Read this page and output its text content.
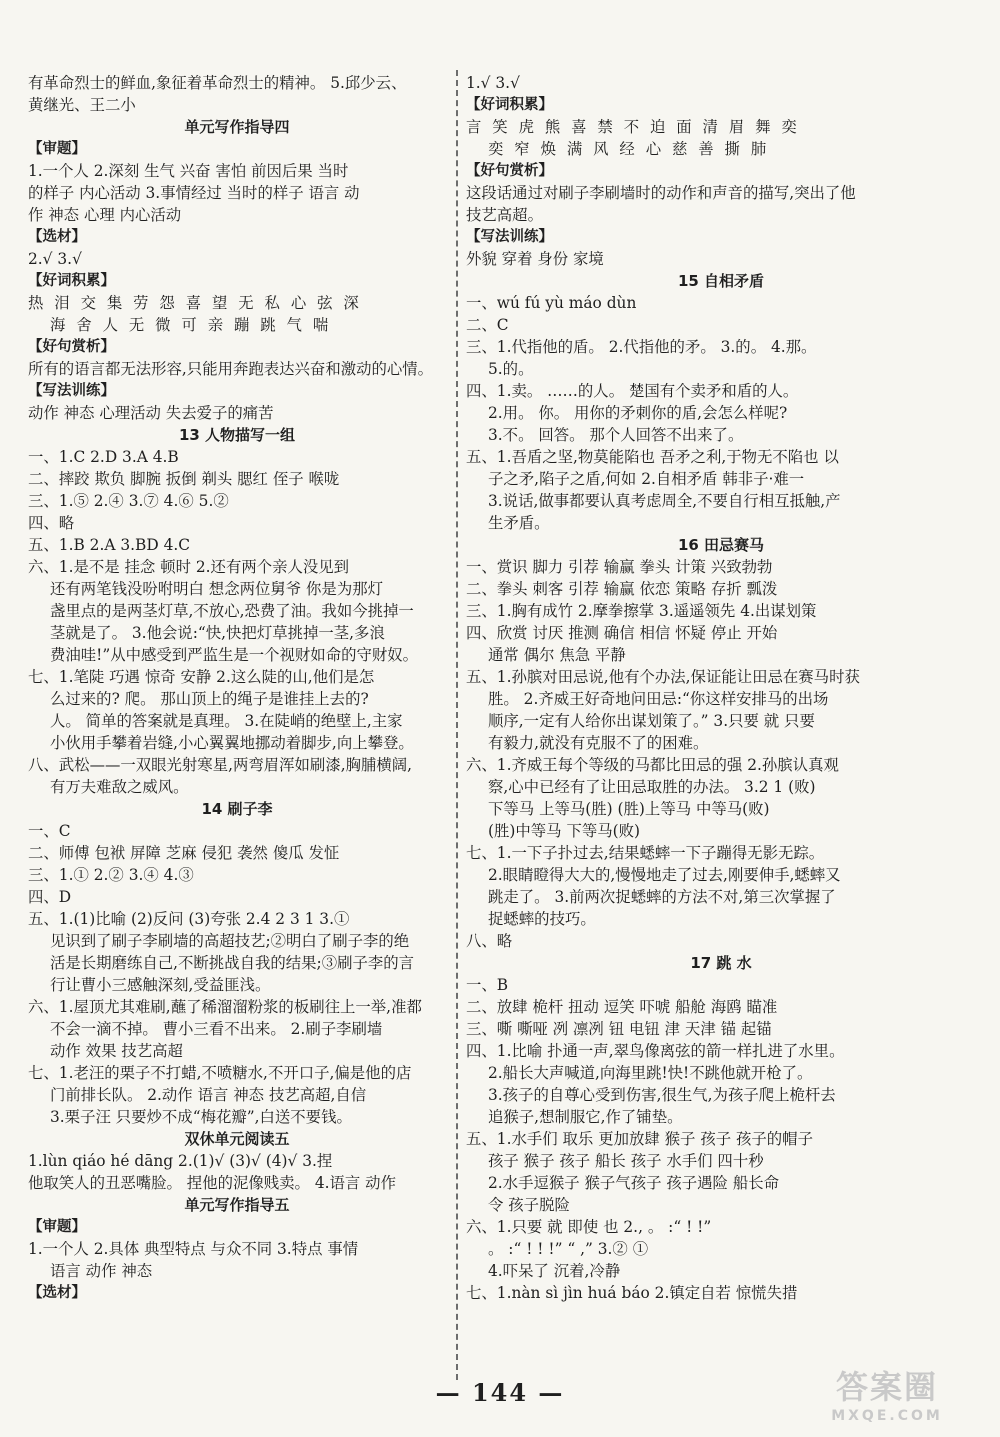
有革命烈士的鲜血,象征着革命烈士的精神。 5.邱少云、
黄继光、王二小
单元写作指导四
【审题】
1.一个人 2.深刻 生气 兴奋 害怕 前因后果 当时
的样子 内心活动 3.事情经过 当时的样子 语言 动
作 神态 心理 内心活动
【选材】
2.√ 3.√
【好词积累】
热 泪 交 集 劳 怨 喜 望 无 私 心 弦 深
海 舍 人 无 微 可 亲 蹦 跳 气 喘
【好句赏析】
所有的语言都无法形容,只能用奔跑表达兴奋和激动的心情。
【写法训练】
动作 神态 心理活动 失去爱子的痛苦
13 人物描写一组
一、1.C 2.D 3.A 4.B
二、摔跤 欺负 脚腕 扳倒 剃头 腮红 侄子 喉咙
三、1.⑤ 2.④ 3.⑦ 4.⑥ 5.②
四、略
五、1.B 2.A 3.BD 4.C
六、1.是不是 挂念 顿时 2.还有两个亲人没见到
还有两笔钱没吩咐明白 想念两位舅爷 你是为那灯
盏里点的是两茎灯草,不放心,恐费了油。我如今挑掉一
茎就是了。 3.他会说:“快,快把灯草挑掉一茎,多浪
费油哇!”从中感受到严监生是一个视财如命的守财奴。
七、1.笔陡 巧遇 惊奇 安静 2.这么陡的山,他们是怎
么过来的? 爬。 那山顶上的绳子是谁挂上去的?
人。 简单的答案就是真理。 3.在陡峭的绝壁上,主家
小伙用手攀着岩缝,小心翼翼地挪动着脚步,向上攀登。
八、武松——一双眼光射寒星,两弯眉浑如刷漆,胸脯横阔,
有万夫难敌之威风。
14 刷子李
一、C
二、师傅 包袱 屏障 芝麻 侵犯 袭然 傻瓜 发怔
三、1.① 2.② 3.④ 4.③
四、D
五、1.(1)比喻 (2)反问 (3)夸张 2.4 2 3 1 3.①
见识到了刷子李刷墙的高超技艺;②明白了刷子李的绝
活是长期磨练自己,不断挑战自我的结果;③刷子李的言
行让曹小三感触深刻,受益匪浅。
六、1.屋顶尤其难刷,蘸了稀溜溜粉浆的板刷往上一举,准都
不会一滴不掉。 曹小三看不出来。 2.刷子李刷墙
动作 效果 技艺高超
七、1.老汪的栗子不打蜡,不喷糖水,不开口子,偏是他的店
门前排长队。 2.动作 语言 神态 技艺高超,自信
3.栗子汪 只要炒不成“梅花瓣”,白送不要钱。
双休单元阅读五
1.lùn qiáo hé dāng 2.(1)√ (3)√ (4)√ 3.捏
他取笑人的丑恶嘴脸。 捏他的泥像贱卖。 4.语言 动作
单元写作指导五
【审题】
1.一个人 2.具体 典型特点 与众不同 3.特点 事情
语言 动作 神态
【选材】
1.√ 3.√
【好词积累】
言 笑 虎 熊 喜 禁 不 迫 面 清 眉 舞 奕
奕 窄 焕 满 风 经 心 慈 善 撕 肺
【好句赏析】
这段话通过对刷子李刷墙时的动作和声音的描写,突出了他
技艺高超。
【写法训练】
外貌 穿着 身份 家境
15 自相矛盾
一、wú fú yù máo dùn
二、C
三、1.代指他的盾。 2.代指他的矛。 3.的。 4.那。
5.的。
四、1.卖。 ……的人。 楚国有个卖矛和盾的人。
2.用。 你。 用你的矛刺你的盾,会怎么样呢?
3.不。 回答。 那个人回答不出来了。
五、1.吾盾之坚,物莫能陷也 吾矛之利,于物无不陷也 以
子之矛,陷子之盾,何如 2.自相矛盾 韩非子·难一
3.说话,做事都要认真考虑周全,不要自行相互抵触,产
生矛盾。
16 田忌赛马
一、赏识 脚力 引荐 输赢 拳头 计策 兴致勃勃
二、拳头 刺客 引荐 输赢 依恋 策略 存折 瓢泼
三、1.胸有成竹 2.摩拳擦掌 3.遥遥领先 4.出谋划策
四、欣赏 讨厌 推测 确信 相信 怀疑 停止 开始
通常 偶尔 焦急 平静
五、1.孙膑对田忌说,他有个办法,保证能让田忌在赛马时获
胜。 2.齐威王好奇地问田忌:“你这样安排马的出场
顺序,一定有人给你出谋划策了。” 3.只要 就 只要
有毅力,就没有克服不了的困难。
六、1.齐威王每个等级的马都比田忌的强 2.孙膑认真观
察,心中已经有了让田忌取胜的办法。 3.2 1 (败)
下等马 上等马(胜) (胜)上等马 中等马(败)
(胜)中等马 下等马(败)
七、1.一下子扑过去,结果蟋蟀一下子蹦得无影无踪。
2.眼睛瞪得大大的,慢慢地走了过去,刚要伸手,蟋蟀又
跳走了。 3.前两次捉蟋蟀的方法不对,第三次掌握了
捉蟋蟀的技巧。
八、略
17 跳 水
一、B
二、放肆 桅杆 扭动 逗笑 吓唬 船舱 海鸥 瞄准
三、嘶 嘶哑 冽 凛冽 钮 电钮 津 天津 锚 起锚
四、1.比喻 扑通一声,翠鸟像离弦的箭一样扎进了水里。
2.船长大声喊道,向海里跳!快!不跳他就开枪了。
3.孩子的自尊心受到伤害,很生气,为孩子爬上桅杆去
追猴子,想制服它,作了铺垫。
五、1.水手们 取乐 更加放肆 猴子 孩子 孩子的帽子
孩子 猴子 孩子 船长 孩子 水手们 四十秒
2.水手逗猴子 猴子气孩子 孩子遇险 船长命
令 孩子脱险
六、1.只要 就 即使 也 2., 。 :“ ! !”
。 :“ ! ! !” “ ,” 3.② ①
4.吓呆了 沉着,冷静
七、1.nàn sì jìn huá báo 2.镇定自若 惊慌失措
— 144 —	答案圈
MXQE.COM
